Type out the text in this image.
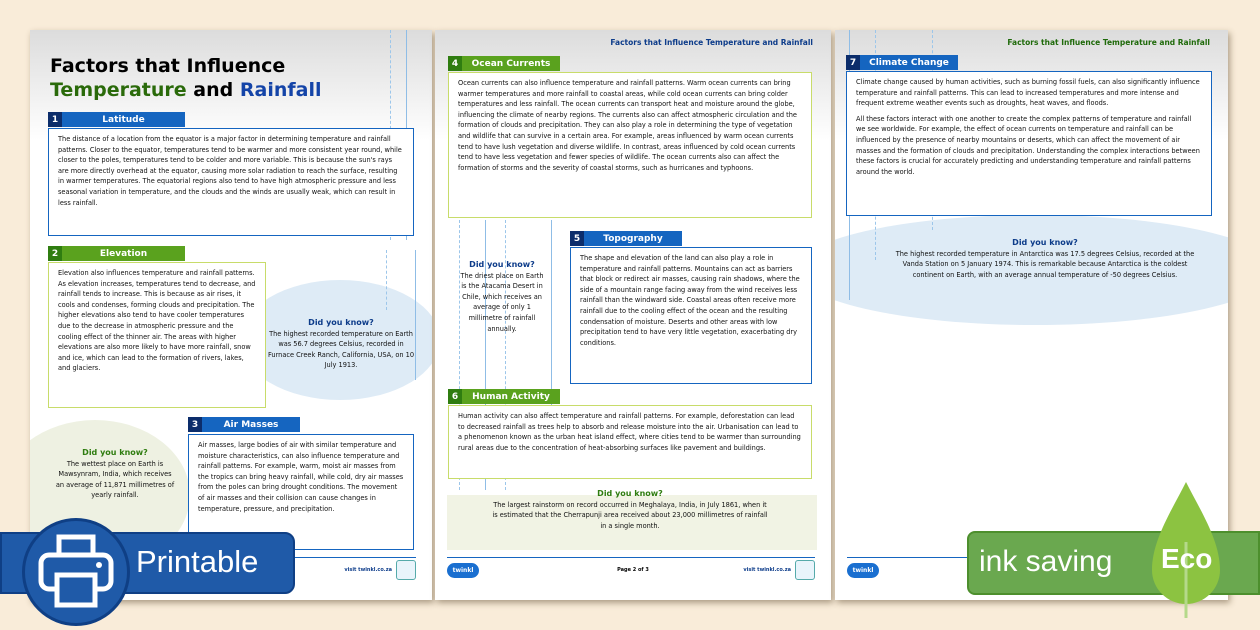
Factors that Influence
Temperature and Rainfall
1	Latitude

The distance of a location from the equator is a major factor in determining temperature and rainfall patterns. Closer to the equator, temperatures tend to be warmer and more consistent year round, while closer to the poles, temperatures tend to be colder and more variable. This is because the sun's rays are more directly overhead at the equator, causing more solar radiation to reach the surface, resulting in warmer temperatures. The equatorial regions also tend to have high atmospheric pressure and less seasonal variation in temperature, and the clouds and the winds are usually weak, which can result in less rainfall.

2	Elevation

Elevation also influences temperature and rainfall patterns. As elevation increases, temperatures tend to decrease, and rainfall tends to increase. This is because as air rises, it cools and condenses, forming clouds and precipitation. The higher elevations also tend to have cooler temperatures due to the decrease in atmospheric pressure and the cooling effect of the thinner air. The areas with higher elevations are also more likely to have more rainfall, snow and ice, which can lead to the formation of rivers, lakes, and glaciers.

Did you know?
The highest recorded temperature on Earth was 56.7 degrees Celsius, recorded in Furnace Creek Ranch, California, USA, on 10 July 1913.
Did you know?
The wettest place on Earth is Mawsynram, India, which receives an average of 11,871 millimetres of yearly rainfall.
3	Air Masses

Air masses, large bodies of air with similar temperature and moisture characteristics, can also influence temperature and rainfall patterns. For example, warm, moist air masses from the tropics can bring heavy rainfall, while cold, dry air masses from the poles can bring drought conditions. The movement of air masses and their collision can cause changes in temperature, pressure, and precipitation.

visit twinkl.co.za
Factors that Influence Temperature and Rainfall
4	Ocean Currents

Ocean currents can also influence temperature and rainfall patterns. Warm ocean currents can bring warmer temperatures and more rainfall to coastal areas, while cold ocean currents can bring colder temperatures and less rainfall. The ocean currents can transport heat and moisture around the globe, influencing the climate of nearby regions. The currents also can affect atmospheric circulation and the formation of clouds and precipitation. They can also play a role in determining the type of vegetation and wildlife that can survive in a certain area. For example, areas influenced by warm ocean currents tend to have lush vegetation and diverse wildlife. In contrast, areas influenced by cold ocean currents tend to have less vegetation and fewer species of wildlife. The ocean currents also can affect the formation of storms and the severity of coastal storms, such as hurricanes and typhoons.

Did you know?
The driest place on Earth is the Atacama Desert in Chile, which receives an average of only 1 millimetre of rainfall annually.
5	Topography

The shape and elevation of the land can also play a role in temperature and rainfall patterns. Mountains can act as barriers that block or redirect air masses, causing rain shadows, where the side of a mountain range facing away from the wind receives less rainfall than the windward side. Coastal areas often receive more rainfall due to the cooling effect of the ocean and the resulting condensation of moisture. Deserts and other areas with low precipitation tend to have very little vegetation, exacerbating dry conditions.

6	Human Activity

Human activity can also affect temperature and rainfall patterns. For example, deforestation can lead to decreased rainfall as trees help to absorb and release moisture into the air. Urbanisation can lead to a phenomenon known as the urban heat island effect, where cities tend to be warmer than surrounding rural areas due to the concentration of heat-absorbing surfaces like pavement and buildings.

Did you know?
The largest rainstorm on record occurred in Meghalaya, India, in July 1861, when it is estimated that the Cherrapunji area received about 23,000 millimetres of rainfall in a single month.
twinkl	Page 2 of 3	visit twinkl.co.za
Factors that Influence Temperature and Rainfall
7	Climate Change

Climate change caused by human activities, such as burning fossil fuels, can also significantly influence temperature and rainfall patterns. This can lead to increased temperatures and more intense and frequent extreme weather events such as droughts, heat waves, and floods.

All these factors interact with one another to create the complex patterns of temperature and rainfall we see worldwide. For example, the effect of ocean currents on temperature and rainfall can be influenced by the presence of nearby mountains or deserts, which can affect the movement of air masses and the formation of clouds and precipitation. Understanding the complex interactions between these factors is crucial for accurately predicting and understanding temperature and rainfall patterns around the world.

Did you know?
The highest recorded temperature in Antarctica was 17.5 degrees Celsius, recorded at the Vanda Station on 5 January 1974. This is remarkable because Antarctica is the coldest continent on Earth, with an average annual temperature of -50 degrees Celsius.
twinkl
Printable	ink saving Eco
